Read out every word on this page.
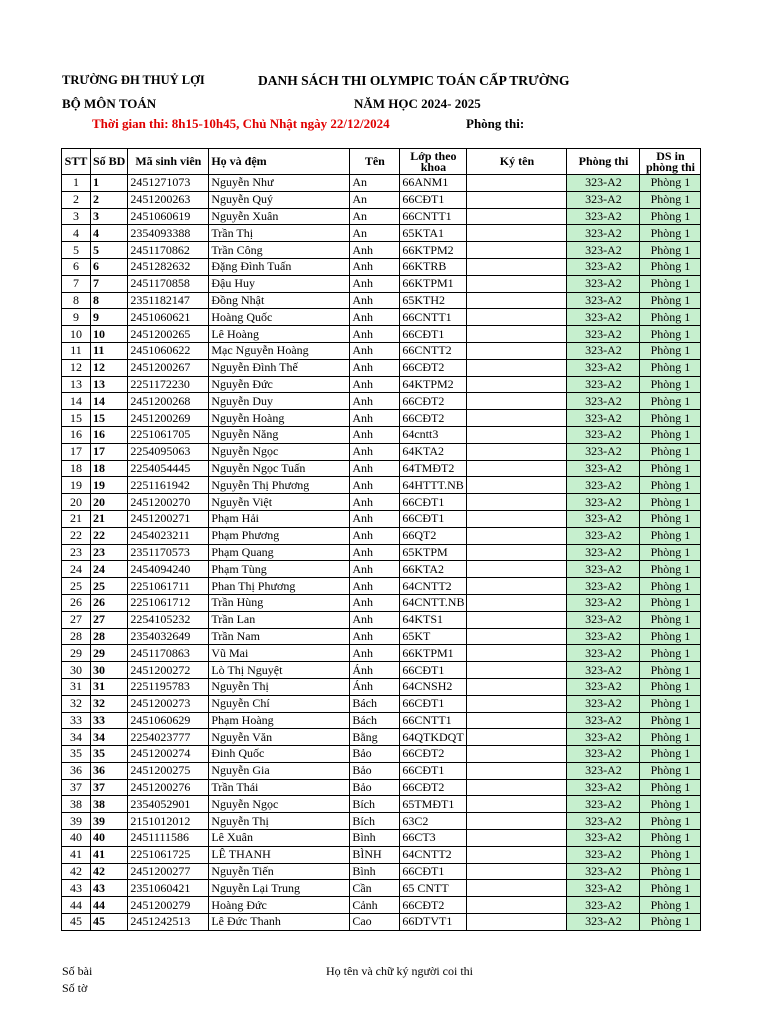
TRƯỜNG ĐH THUỶ LỢI
BỘ MÔN TOÁN
DANH SÁCH THI OLYMPIC TOÁN CẤP TRƯỜNG
NĂM HỌC 2024- 2025
Thời gian thi: 8h15-10h45, Chủ Nhật ngày 22/12/2024	Phòng thi:
STT	Số BD	Mã sinh viên	Họ và đệm	Tên	Lớp theo khoa	Ký tên	Phòng thi	DS in phòng thi
1	1	2451271073	Nguyễn Như	An	66ANM1		323-A2	Phòng 1
2	2	2451200263	Nguyễn Quý	An	66CĐT1		323-A2	Phòng 1
3	3	2451060619	Nguyễn Xuân	An	66CNTT1		323-A2	Phòng 1
4	4	2354093388	Trần Thị	An	65KTA1		323-A2	Phòng 1
5	5	2451170862	Trần Công	Anh	66KTPM2		323-A2	Phòng 1
6	6	2451282632	Đặng Đình Tuấn	Anh	66KTRB		323-A2	Phòng 1
7	7	2451170858	Đậu Huy	Anh	66KTPM1		323-A2	Phòng 1
8	8	2351182147	Đồng Nhật	Anh	65KTH2		323-A2	Phòng 1
9	9	2451060621	Hoàng Quốc	Anh	66CNTT1		323-A2	Phòng 1
10	10	2451200265	Lê Hoàng	Anh	66CĐT1		323-A2	Phòng 1
11	11	2451060622	Mạc Nguyễn Hoàng	Anh	66CNTT2		323-A2	Phòng 1
12	12	2451200267	Nguyễn Đình Thế	Anh	66CĐT2		323-A2	Phòng 1
13	13	2251172230	Nguyễn Đức	Anh	64KTPM2		323-A2	Phòng 1
14	14	2451200268	Nguyễn Duy	Anh	66CĐT2		323-A2	Phòng 1
15	15	2451200269	Nguyễn Hoàng	Anh	66CĐT2		323-A2	Phòng 1
16	16	2251061705	Nguyễn Năng	Anh	64cntt3		323-A2	Phòng 1
17	17	2254095063	Nguyễn Ngọc	Anh	64KTA2		323-A2	Phòng 1
18	18	2254054445	Nguyễn Ngọc Tuấn	Anh	64TMĐT2		323-A2	Phòng 1
19	19	2251161942	Nguyễn Thị Phương	Anh	64HTTT.NB		323-A2	Phòng 1
20	20	2451200270	Nguyễn Việt	Anh	66CĐT1		323-A2	Phòng 1
21	21	2451200271	Phạm Hải	Anh	66CĐT1		323-A2	Phòng 1
22	22	2454023211	Phạm Phương	Anh	66QT2		323-A2	Phòng 1
23	23	2351170573	Phạm Quang	Anh	65KTPM		323-A2	Phòng 1
24	24	2454094240	Phạm Tùng	Anh	66KTA2		323-A2	Phòng 1
25	25	2251061711	Phan Thị Phương	Anh	64CNTT2		323-A2	Phòng 1
26	26	2251061712	Trần Hùng	Anh	64CNTT.NB		323-A2	Phòng 1
27	27	2254105232	Trần Lan	Anh	64KTS1		323-A2	Phòng 1
28	28	2354032649	Trần Nam	Anh	65KT		323-A2	Phòng 1
29	29	2451170863	Vũ Mai	Anh	66KTPM1		323-A2	Phòng 1
30	30	2451200272	Lò Thị Nguyệt	Ánh	66CĐT1		323-A2	Phòng 1
31	31	2251195783	Nguyễn Thị	Ánh	64CNSH2		323-A2	Phòng 1
32	32	2451200273	Nguyễn Chí	Bách	66CĐT1		323-A2	Phòng 1
33	33	2451060629	Phạm Hoàng	Bách	66CNTT1		323-A2	Phòng 1
34	34	2254023777	Nguyễn Văn	Bằng	64QTKDQT		323-A2	Phòng 1
35	35	2451200274	Đinh Quốc	Bảo	66CĐT2		323-A2	Phòng 1
36	36	2451200275	Nguyễn Gia	Bảo	66CĐT1		323-A2	Phòng 1
37	37	2451200276	Trần Thái	Bảo	66CĐT2		323-A2	Phòng 1
38	38	2354052901	Nguyễn Ngọc	Bích	65TMĐT1		323-A2	Phòng 1
39	39	2151012012	Nguyễn Thị	Bích	63C2		323-A2	Phòng 1
40	40	2451111586	Lê Xuân	Bình	66CT3		323-A2	Phòng 1
41	41	2251061725	LÊ THANH	BÌNH	64CNTT2		323-A2	Phòng 1
42	42	2451200277	Nguyễn Tiến	Bình	66CĐT1		323-A2	Phòng 1
43	43	2351060421	Nguyễn Lại Trung	Cần	65 CNTT		323-A2	Phòng 1
44	44	2451200279	Hoàng Đức	Cảnh	66CĐT2		323-A2	Phòng 1
45	45	2451242513	Lê Đức Thanh	Cao	66DTVT1		323-A2	Phòng 1
Số bài
Số tờ
Họ tên và chữ ký người coi thi
